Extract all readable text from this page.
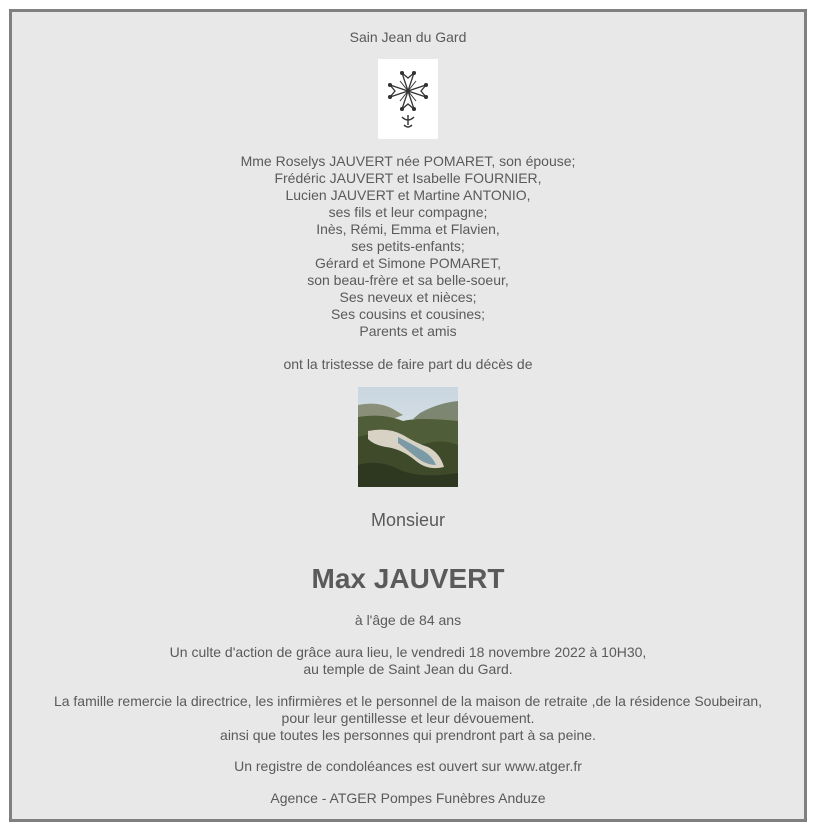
Sain Jean du Gard
Mme Roselys JAUVERT née POMARET, son épouse;
Frédéric JAUVERT et Isabelle FOURNIER,
Lucien JAUVERT et Martine ANTONIO,
ses fils et leur compagne;
Inès, Rémi, Emma et Flavien,
ses petits-enfants;
Gérard et Simone POMARET,
son beau-frère et sa belle-soeur,
Ses neveux et nièces;
Ses cousins et cousines;
Parents et amis
ont la tristesse de faire part du décès de
Monsieur
Max JAUVERT
à l'âge de 84 ans
Un culte d'action de grâce aura lieu, le vendredi 18 novembre 2022 à 10H30,
au temple de Saint Jean du Gard.
La famille remercie la directrice, les infirmières et le personnel de la maison de retraite ,de la résidence Soubeiran,
pour leur gentillesse et leur dévouement.
ainsi que toutes les personnes qui prendront part à sa peine.
Un registre de condoléances est ouvert sur www.atger.fr
Agence - ATGER Pompes Funèbres Anduze
